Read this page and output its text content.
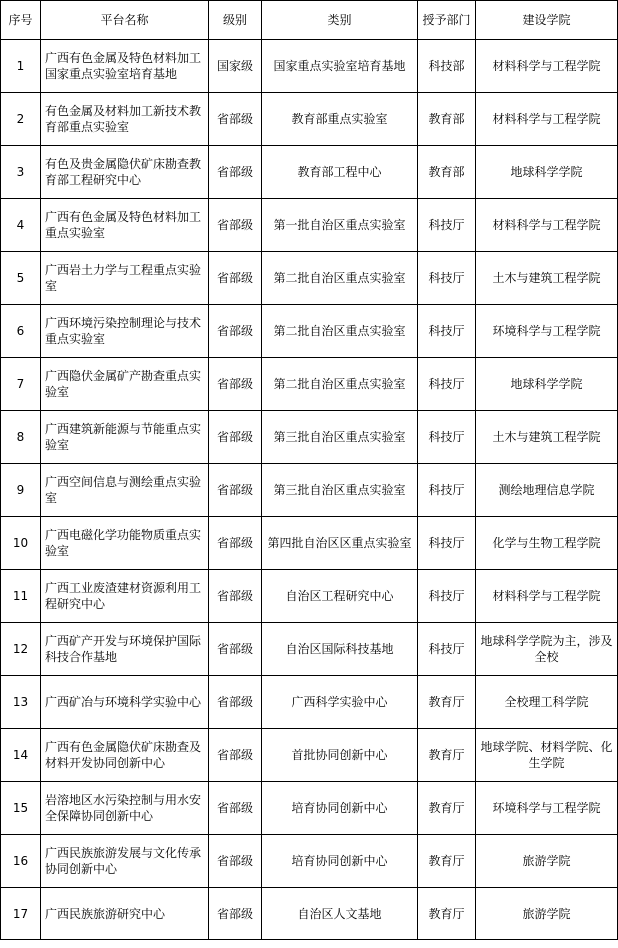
序号	平台名称	级别	类别	授予部门	建设学院
1	广西有色金属及特色材料加工国家重点实验室培育基地	国家级	国家重点实验室培育基地	科技部	材料科学与工程学院
2	有色金属及材料加工新技术教育部重点实验室	省部级	教育部重点实验室	教育部	材料科学与工程学院
3	有色及贵金属隐伏矿床勘查教育部工程研究中心	省部级	教育部工程中心	教育部	地球科学学院
4	广西有色金属及特色材料加工重点实验室	省部级	第一批自治区重点实验室	科技厅	材料科学与工程学院
5	广西岩土力学与工程重点实验室	省部级	第二批自治区重点实验室	科技厅	土木与建筑工程学院
6	广西环境污染控制理论与技术重点实验室	省部级	第二批自治区重点实验室	科技厅	环境科学与工程学院
7	广西隐伏金属矿产勘查重点实验室	省部级	第二批自治区重点实验室	科技厅	地球科学学院
8	广西建筑新能源与节能重点实验室	省部级	第三批自治区重点实验室	科技厅	土木与建筑工程学院
9	广西空间信息与测绘重点实验室	省部级	第三批自治区重点实验室	科技厅	测绘地理信息学院
10	广西电磁化学功能物质重点实验室	省部级	第四批自治区区重点实验室	科技厅	化学与生物工程学院
11	广西工业废渣建材资源利用工程研究中心	省部级	自治区工程研究中心	科技厅	材料科学与工程学院
12	广西矿产开发与环境保护国际科技合作基地	省部级	自治区国际科技基地	科技厅	地球科学学院为主，涉及全校
13	广西矿冶与环境科学实验中心	省部级	广西科学实验中心	教育厅	全校理工科学院
14	广西有色金属隐伏矿床勘查及材料开发协同创新中心	省部级	首批协同创新中心	教育厅	地球学院、材料学院、化生学院
15	岩溶地区水污染控制与用水安全保障协同创新中心	省部级	培育协同创新中心	教育厅	环境科学与工程学院
16	广西民族旅游发展与文化传承协同创新中心	省部级	培育协同创新中心	教育厅	旅游学院
17	广西民族旅游研究中心	省部级	自治区人文基地	教育厅	旅游学院
